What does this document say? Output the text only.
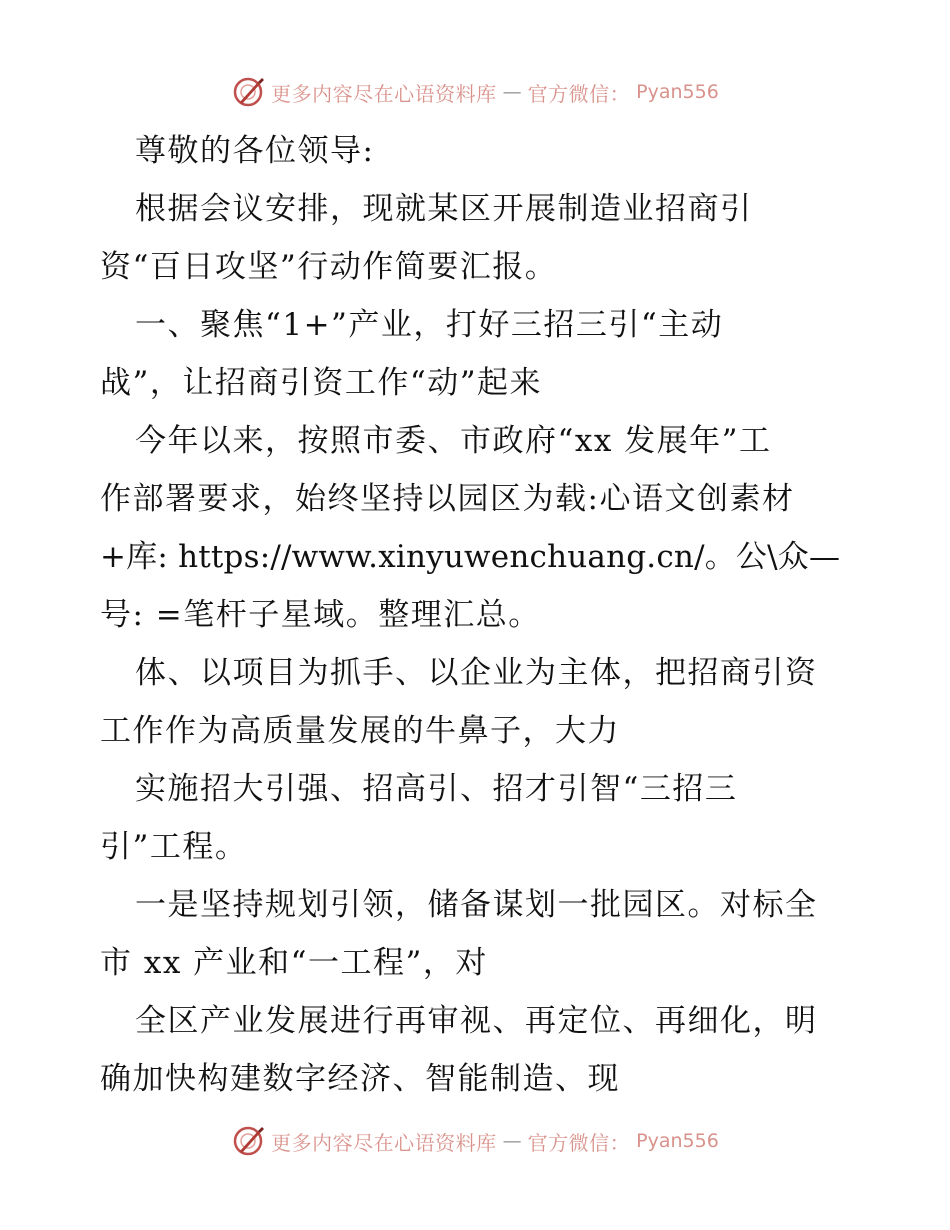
更多内容尽在心语资料库 — 官方微信： Pyan556
尊敬的各位领导:
根据会议安排，现就某区开展制造业招商引
资“百日攻坚”行动作简要汇报。
一、聚焦“1+”产业，打好三招三引“主动
战”，让招商引资工作“动”起来
今年以来，按照市委、市政府“xx 发展年”工
作部署要求，始终坚持以园区为载:心语文创素材
+库: https://www.xinyuwenchuang.cn/。公\众—
号: =笔杆子星域。整理汇总。
体、以项目为抓手、以企业为主体，把招商引资
工作作为高质量发展的牛鼻子，大力
实施招大引强、招高引、招才引智“三招三
引”工程。
一是坚持规划引领，储备谋划一批园区。对标全
市 xx 产业和“一工程”，对
全区产业发展进行再审视、再定位、再细化，明
确加快构建数字经济、智能制造、现
更多内容尽在心语资料库 — 官方微信： Pyan556
